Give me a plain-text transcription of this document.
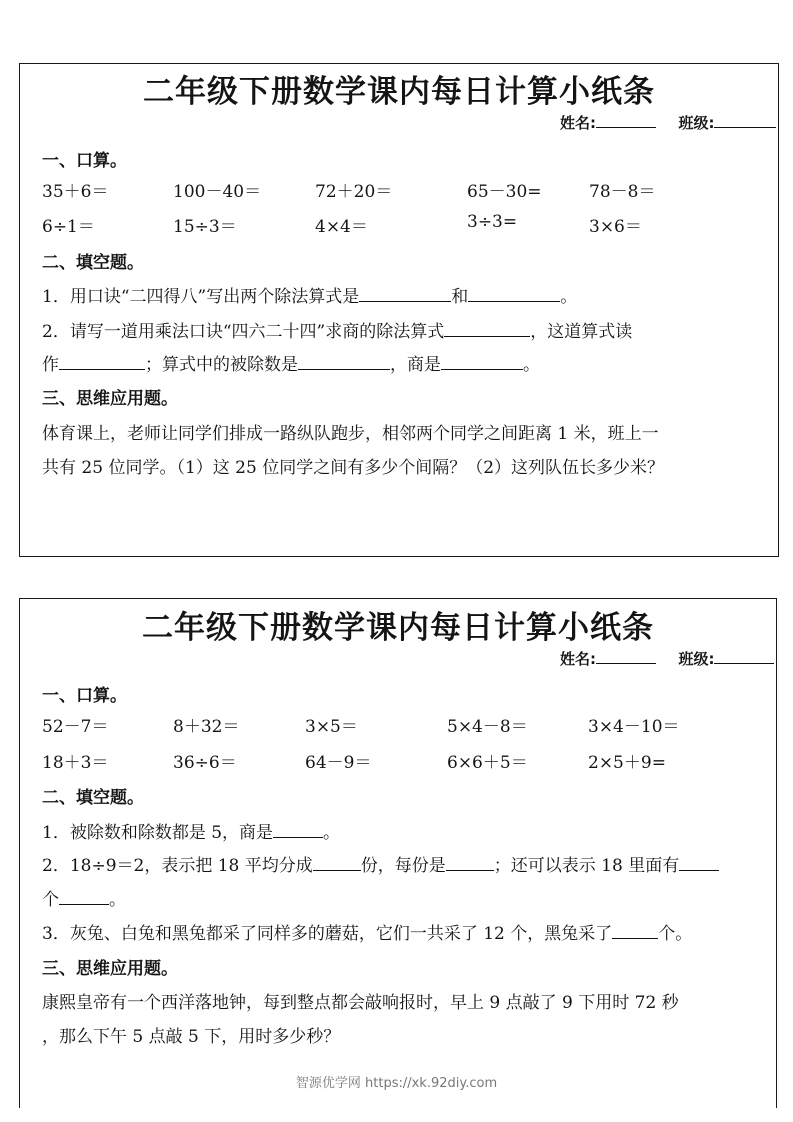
二年级下册数学课内每日计算小纸条
姓名:	班级:
一、口算。
35＋6＝	100－40＝	72＋20＝	65－30=	78－8＝
6÷1＝	15÷3＝	4×4＝	3÷3=	3×6＝
二、填空题。
1．用口诀“二四得八”写出两个除法算式是	和	。
2．请写一道用乘法口诀“四六二十四”求商的除法算式	，这道算式读
作	；算式中的被除数是	，商是	。
三、思维应用题。
体育课上，老师让同学们排成一路纵队跑步，相邻两个同学之间距离 1 米，班上一
共有 25 位同学。（1）这 25 位同学之间有多少个间隔？（2）这列队伍长多少米？
二年级下册数学课内每日计算小纸条
姓名:	班级:
一、口算。
52－7＝	8＋32＝	3×5＝	5×4－8＝	3×4－10＝
18＋3＝	36÷6＝	64－9＝	6×6＋5＝	2×5＋9=
二、填空题。
1．被除数和除数都是 5，商是	。
2．18÷9＝2，表示把 18 平均分成	份，每份是	；还可以表示 18 里面有
个	。
3．灰兔、白兔和黑兔都采了同样多的蘑菇，它们一共采了 12 个，黑兔采了	个。
三、思维应用题。
康熙皇帝有一个西洋落地钟，每到整点都会敲响报时，早上 9 点敲了 9 下用时 72 秒
，那么下午 5 点敲 5 下，用时多少秒？
智源优学网 https://xk.92diy.com
